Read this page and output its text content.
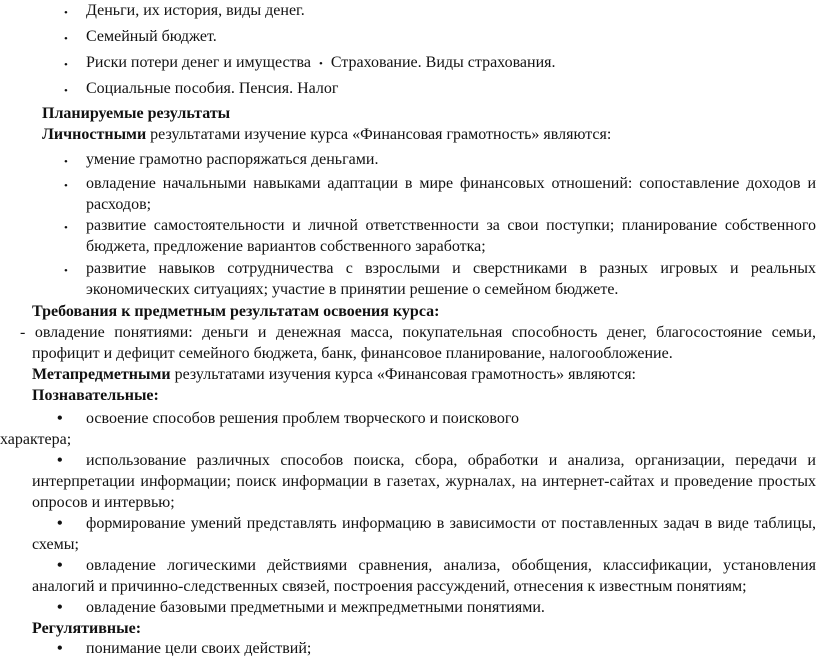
• Деньги, их история, виды денег.
• Семейный бюджет.
• Риски потери денег и имущества • Страхование. Виды страхования.
• Социальные пособия. Пенсия. Налог
Планируемые результаты
Личностными результатами изучение курса «Финансовая грамотность» являются:
• умение грамотно распоряжаться деньгами.
• овладение начальными навыками адаптации в мире финансовых отношений: сопоставление доходов и
расходов;
• развитие самостоятельности и личной ответственности за свои поступки; планирование собственного
бюджета, предложение вариантов собственного заработка;
• развитие навыков сотрудничества с взрослыми и сверстниками в разных игровых и реальных
экономических ситуациях; участие в принятии решение о семейном бюджете.
Требования к предметным результатам освоения курса:
- овладение понятиями: деньги и денежная масса, покупательная способность денег, благосостояние семьи,
профицит и дефицит семейного бюджета, банк, финансовое планирование, налогообложение.
Метапредметными результатами изучения курса «Финансовая грамотность» являются:
Познавательные:
• освоение способов решения проблем творческого и поискового
характера;
• использование различных способов поиска, сбора, обработки и анализа, организации, передачи и
интерпретации информации; поиск информации в газетах, журналах, на интернет-сайтах и проведение простых
опросов и интервью;
• формирование умений представлять информацию в зависимости от поставленных задач в виде таблицы,
схемы;
• овладение логическими действиями сравнения, анализа, обобщения, классификации, установления
аналогий и причинно-следственных связей, построения рассуждений, отнесения к известным понятиям;
• овладение базовыми предметными и межпредметными понятиями.
Регулятивные:
• понимание цели своих действий;
